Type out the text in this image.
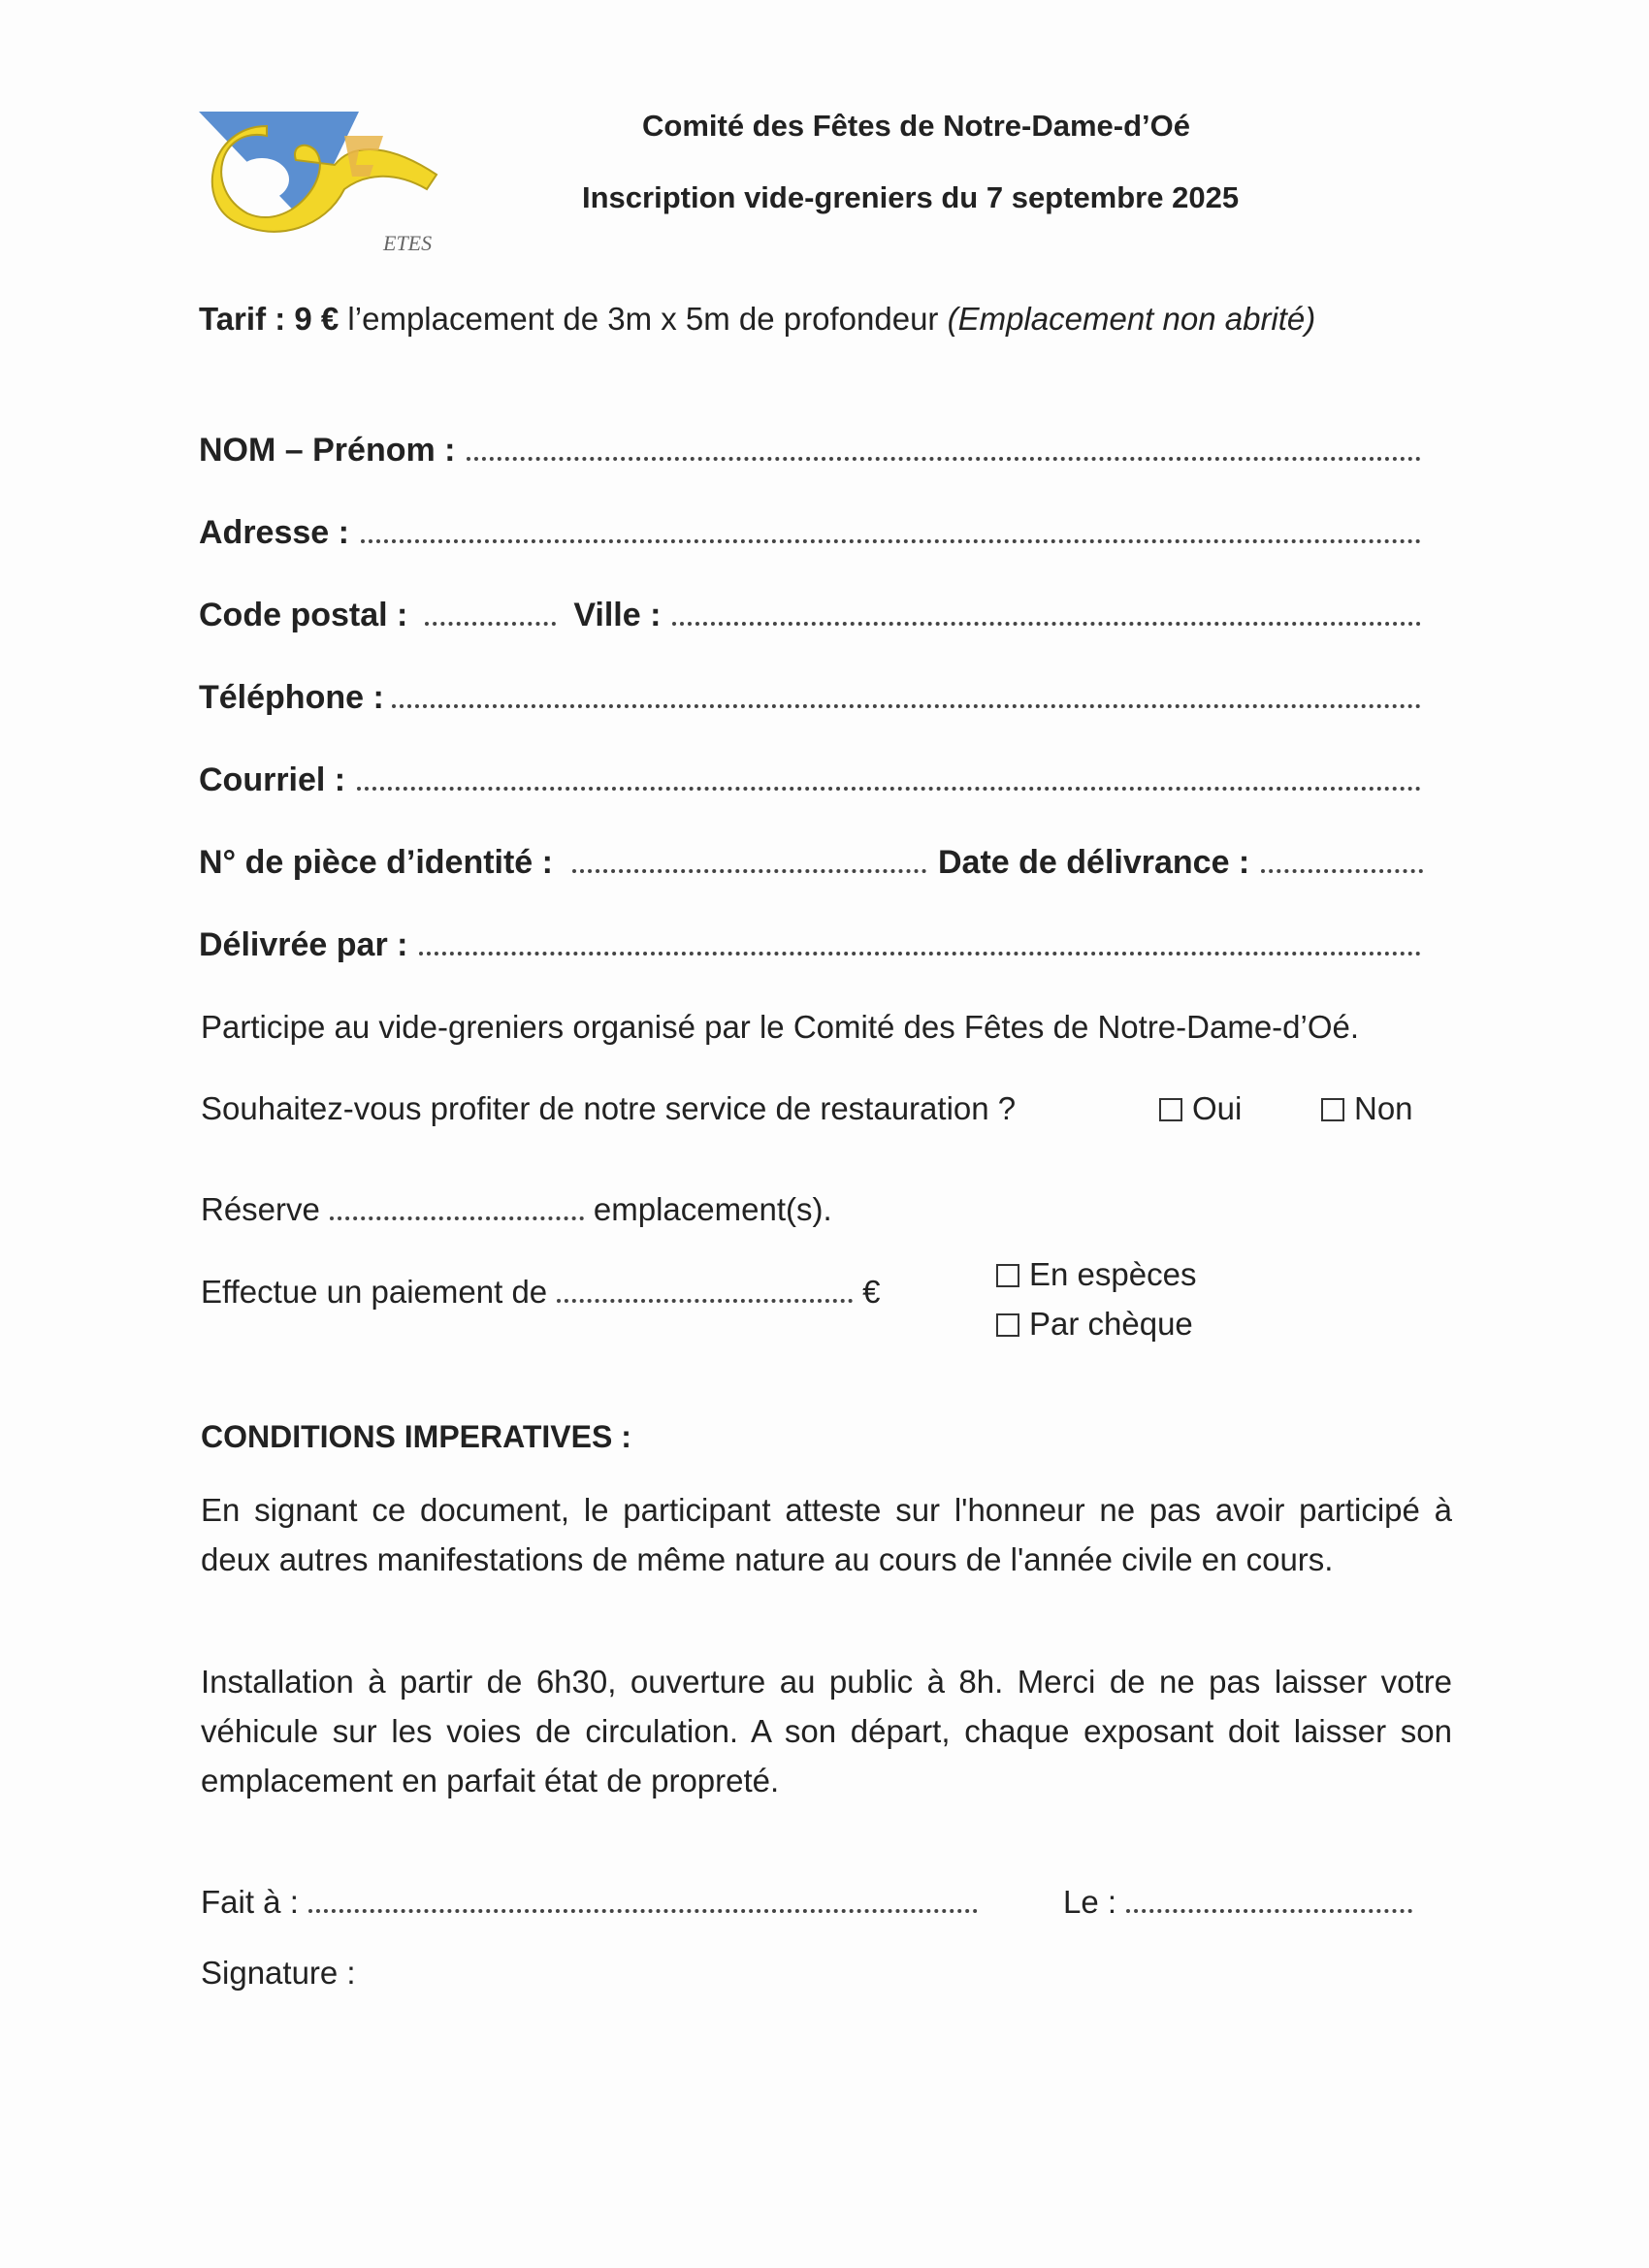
ETES
Comité des Fêtes de Notre-Dame-d’Oé
Inscription vide-greniers du 7 septembre 2025
Tarif : 9 € l’emplacement de 3m x 5m de profondeur (Emplacement non abrité)
NOM – Prénom :
Adresse :
Code postal :	Ville :
Téléphone :
Courriel :
N° de pièce d’identité :	Date de délivrance :
Délivrée par :
Participe au vide-greniers organisé par le Comité des Fêtes de Notre-Dame-d’Oé.
Souhaitez-vous profiter de notre service de restauration ?	Oui	Non
Réserve	emplacement(s).
Effectue un paiement de	€	En espèces
Par chèque
CONDITIONS IMPERATIVES :
En signant ce document, le participant atteste sur l'honneur ne pas avoir participé à deux autres manifestations de même nature au cours de l'année civile en cours.
Installation à partir de 6h30, ouverture au public à 8h. Merci de ne pas laisser votre véhicule sur les voies de circulation. A son départ, chaque exposant doit laisser son emplacement en parfait état de propreté.
Fait à :	Le :
Signature :
